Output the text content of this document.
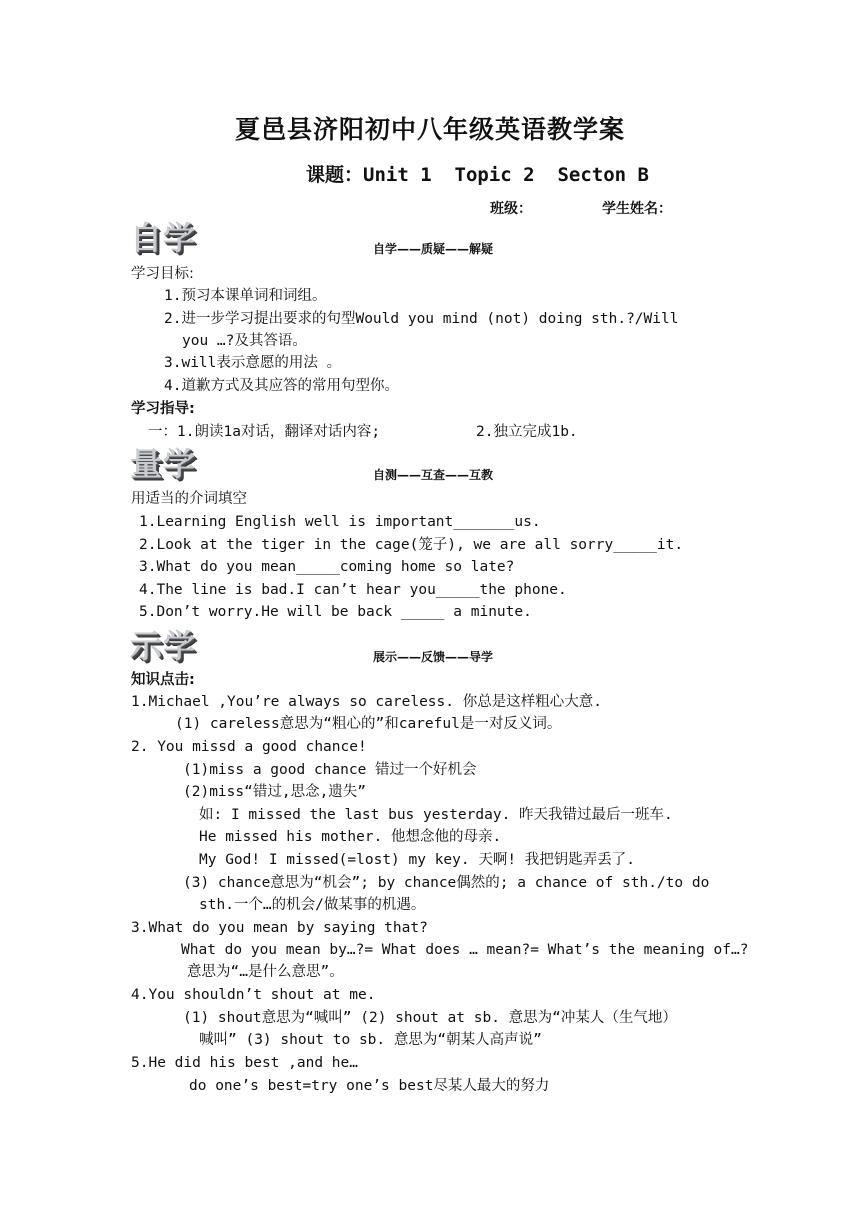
夏邑县济阳初中八年级英语教学案
课题：Unit 1  Topic 2  Secton B
班级：	学生姓名：
自学	自学——质疑——解疑
学习目标:
1.预习本课单词和词组。
2.进一步学习提出要求的句型Would you mind (not) doing sth.?/Will
you …?及其答语。
3.will表示意愿的用法 。
4.道歉方式及其应答的常用句型你。
学习指导:
一：1.朗读1a对话，翻译对话内容;	2.独立完成1b.
量学	自测——互查——互教
用适当的介词填空
1.Learning English well is important_______us.
2.Look at the tiger in the cage(笼子), we are all sorry_____it.
3.What do you mean_____coming home so late?
4.The line is bad.I can’t hear you_____the phone.
5.Don’t worry.He will be back _____ a minute.
示学	展示——反馈——导学
知识点击:
1.Michael ,You’re always so careless. 你总是这样粗心大意.
(1) careless意思为“粗心的”和careful是一对反义词。
2. You missd a good chance!
(1)miss a good chance 错过一个好机会
(2)miss“错过,思念,遗失”
如: I missed the last bus yesterday. 昨天我错过最后一班车.
He missed his mother. 他想念他的母亲.
My God! I missed(=lost) my key. 天啊! 我把钥匙弄丢了.
(3) chance意思为“机会”; by chance偶然的; a chance of sth./to do
sth.一个…的机会/做某事的机遇。
3.What do you mean by saying that?
What do you mean by…?= What does … mean?= What’s the meaning of…?
意思为“…是什么意思”。
4.You shouldn’t shout at me.
(1) shout意思为“喊叫” (2) shout at sb. 意思为“冲某人（生气地）
喊叫” (3) shout to sb. 意思为“朝某人高声说”
5.He did his best ,and he…
do one’s best=try one’s best尽某人最大的努力
